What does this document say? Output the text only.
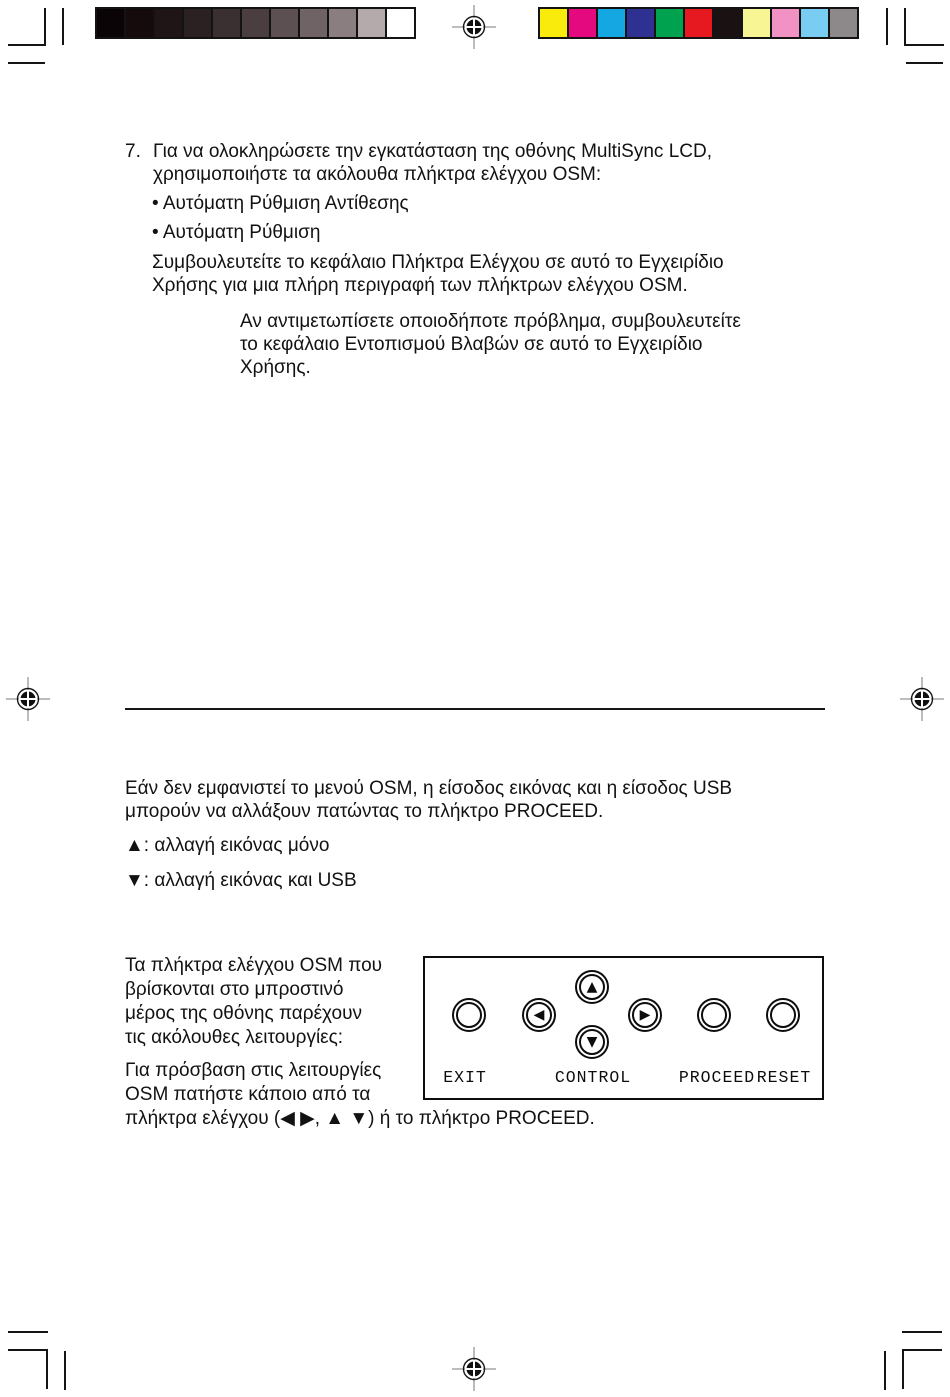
7. Για να ολοκληρώσετε την εγκατάσταση της οθόνης MultiSync LCD,
χρησιμοποιήστε τα ακόλουθα πλήκτρα ελέγχου OSM:
• Αυτόματη Ρύθμιση Αντίθεσης
• Αυτόματη Ρύθμιση
Συμβουλευτείτε το κεφάλαιο Πλήκτρα Ελέγχου σε αυτό το Εγχειρίδιο
Χρήσης για μια πλήρη περιγραφή των πλήκτρων ελέγχου OSM.
Αν αντιμετωπίσετε οποιοδήποτε πρόβλημα, συμβουλευτείτε
το κεφάλαιο Εντοπισμού Βλαβών σε αυτό το Εγχειρίδιο
Χρήσης.
Εάν δεν εμφανιστεί το μενού OSM, η είσοδος εικόνας και η είσοδος USB
μπορούν να αλλάξουν πατώντας το πλήκτρο PROCEED.
▲: αλλαγή εικόνας μόνο
▼: αλλαγή εικόνας και USB
Τα πλήκτρα ελέγχου OSM που
βρίσκονται στο μπροστινό
μέρος της οθόνης παρέχουν
τις ακόλουθες λειτουργίες:
Για πρόσβαση στις λειτουργίες
OSM πατήστε κάποιο από τα
πλήκτρα ελέγχου (◀ ▶, ▲ ▼) ή το πλήκτρο PROCEED.
◀
▲
▼
▶
EXIT	CONTROL	PROCEED RESET
